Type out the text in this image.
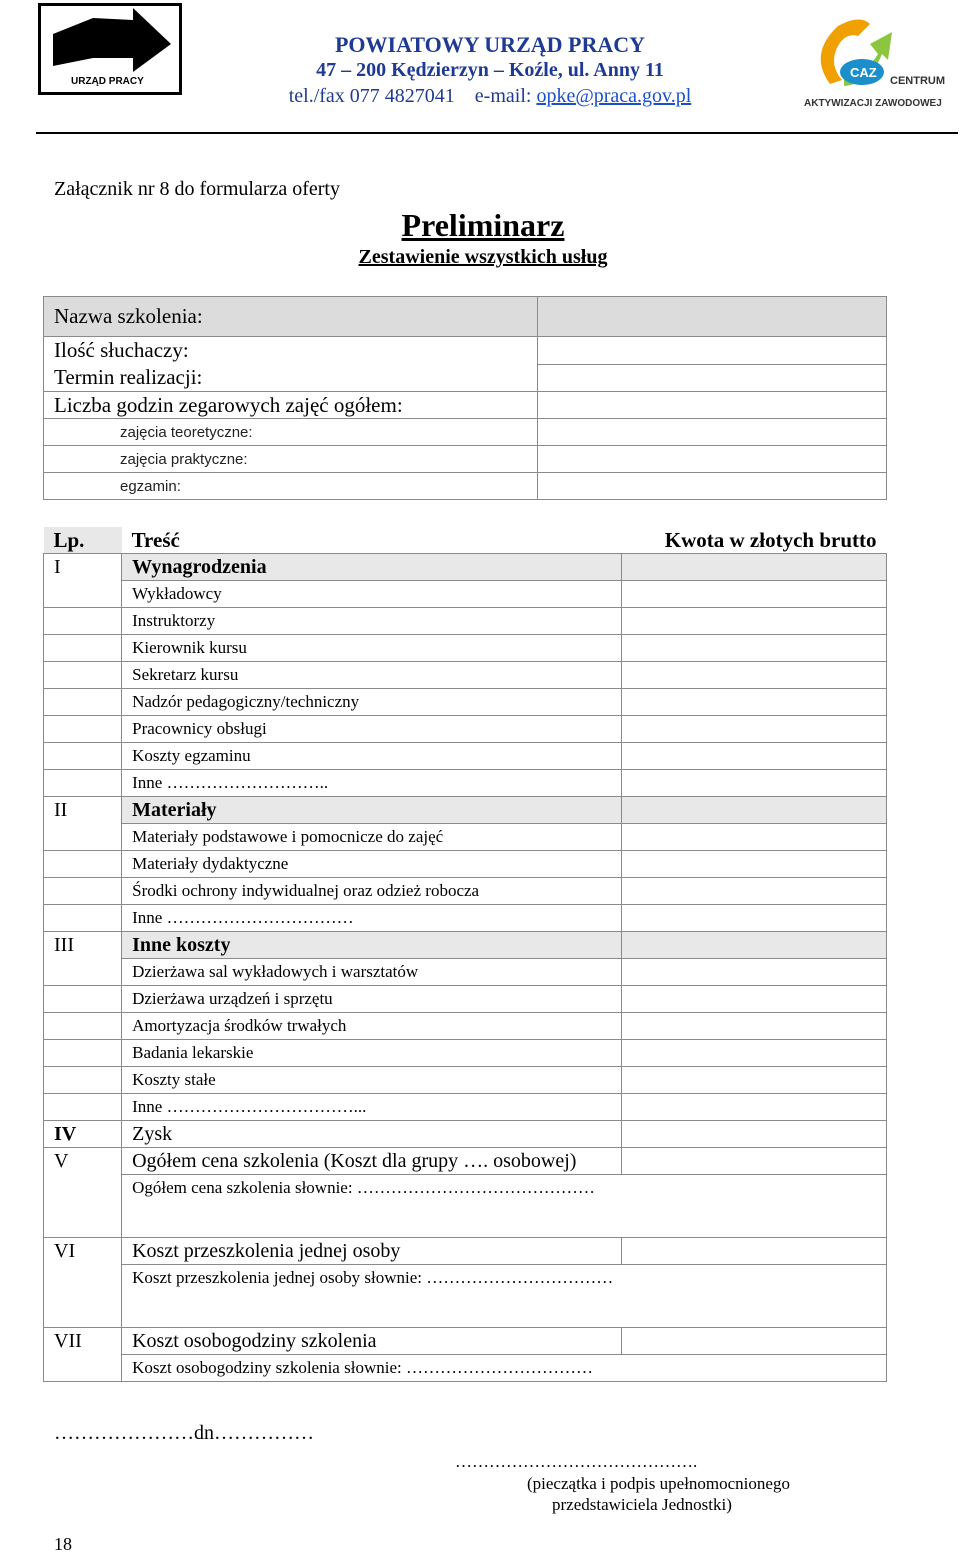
URZĄD PRACY
POWIATOWY URZĄD PRACY
47 – 200 Kędzierzyn – Koźle, ul. Anny 11
tel./fax 077 4827041 e-mail: opke@praca.gov.pl
CAZ
CENTRUM
AKTYWIZACJI ZAWODOWEJ
Załącznik nr 8 do formularza oferty
Preliminarz
Zestawienie wszystkich usług
Nazwa szkolenia:	
Ilość słuchaczy:	
Termin realizacji:	
Liczba godzin zegarowych zajęć ogółem:	
zajęcia teoretyczne:	
zajęcia praktyczne:	
egzamin:	
Lp.	Treść	Kwota w złotych brutto
I	Wynagrodzenia	
	Wykładowcy	
	Instruktorzy	
	Kierownik kursu	
	Sekretarz kursu	
	Nadzór pedagogiczny/techniczny	
	Pracownicy obsługi	
	Koszty egzaminu	
	Inne ………………………..	
II	Materiały	
	Materiały podstawowe i pomocnicze do zajęć	
	Materiały dydaktyczne	
	Środki ochrony indywidualnej oraz odzież robocza	
	Inne ……………………………	
III	Inne koszty	
	Dzierżawa sal wykładowych i warsztatów	
	Dzierżawa urządzeń i sprzętu	
	Amortyzacja środków trwałych	
	Badania lekarskie	
	Koszty stałe	
	Inne ……………………………...	
IV	Zysk	
V	Ogółem cena szkolenia (Koszt dla grupy …. osobowej)	
	Ogółem cena szkolenia słownie: ……………………………………	

VI	Koszt przeszkolenia jednej osoby	
	Koszt przeszkolenia jednej osoby słownie: ……………………………	

VII	Koszt osobogodziny szkolenia	
	Koszt osobogodziny szkolenia słownie: ……………………………	
…………………dn……………
…………………………………….
(pieczątka i podpis upełnomocnionego
przedstawiciela Jednostki)
18
